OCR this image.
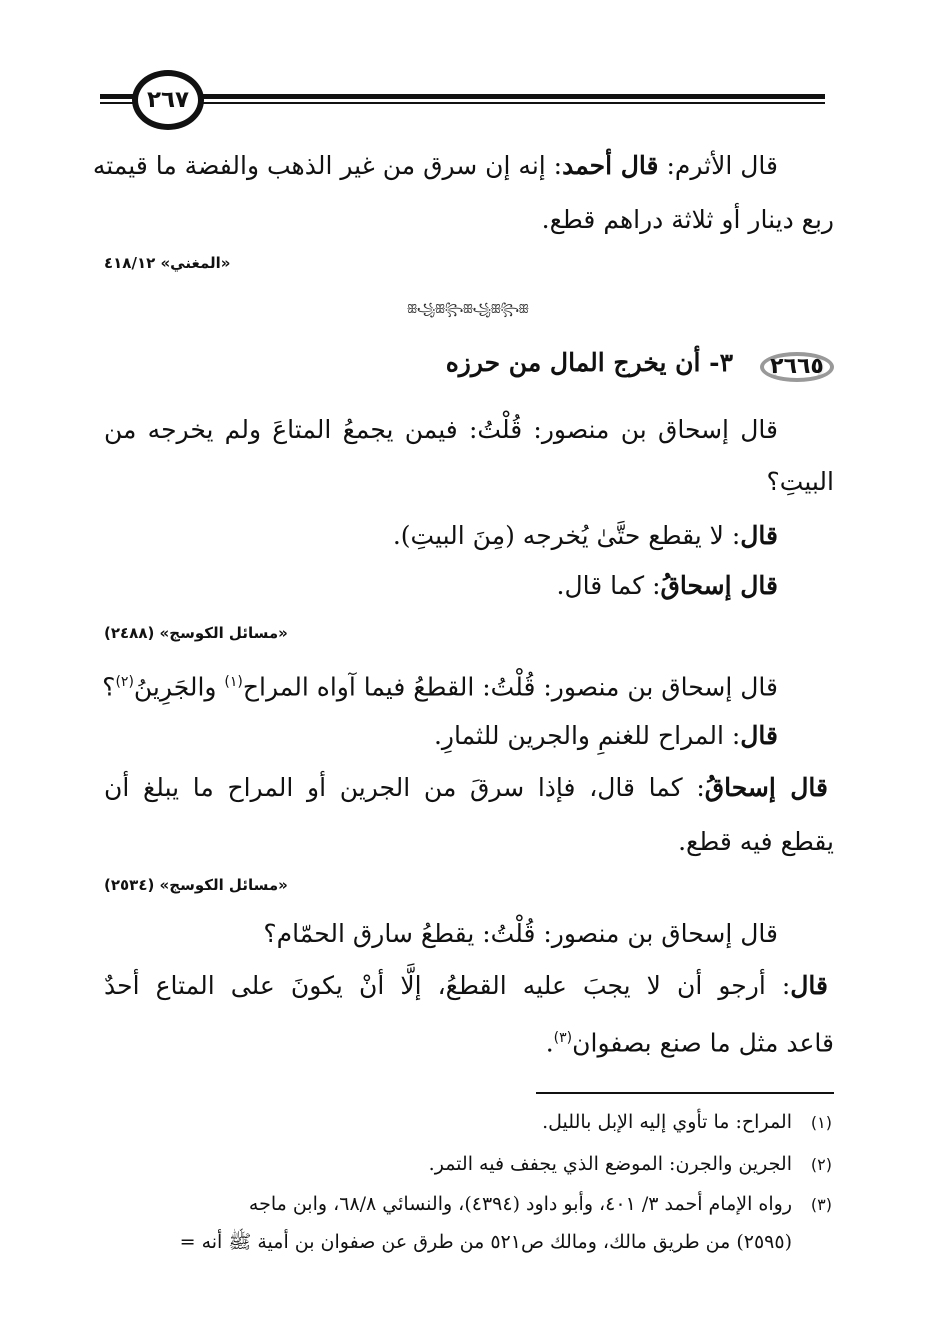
٢٦٧
قال الأثرم: قال أحمد: إنه إن سرق من غير الذهب والفضة ما قيمته
ربع دينار أو ثلاثة دراهم قطع.
«المغني» ٤١٨/١٢
ꕥ꧁ꕥ꧂ꕥ꧁ꕥ꧂ꕥ
٢٦٦٥
٣- أن يخرج المال من حرزه
قال إسحاق بن منصور: قُلْتُ: فيمن يجمعُ المتاعَ ولم يخرجه من
البيتِ؟
قال: لا يقطع حتَّىٰ يُخرجه (مِنَ البيتِ).
قال إسحاقُ: كما قال.
«مسائل الكوسج» (٢٤٨٨)
قال إسحاق بن منصور: قُلْتُ: القطعُ فيما آواه المراح$^{(١)}$ والجَرِينُ$^{(٢)}$؟
قال: المراح للغنمِ والجرين للثمارِ.
قال إسحاقُ: كما قال، فإذا سرقَ من الجرين أو المراح ما يبلغ أن
يقطع فيه قطع.
«مسائل الكوسج» (٢٥٣٤)
قال إسحاق بن منصور: قُلْتُ: يقطعُ سارق الحمّام؟
قال: أرجو أن لا يجبَ عليه القطعُ، إلَّا أنْ يكونَ على المتاع أحدٌ
قاعد مثل ما صنع بصفوان$^{(٣)}$.
(١)المراح: ما تأوي إليه الإبل بالليل.
(٢)الجرين والجرن: الموضع الذي يجفف فيه التمر.
(٣)رواه الإمام أحمد ٣/ ٤٠١، وأبو داود (٤٣٩٤)، والنسائي ٦٨/٨، وابن ماجه
(٢٥٩٥) من طريق مالك، ومالك ص٥٢١ من طرق عن صفوان بن أمية ﷺ أنه =
